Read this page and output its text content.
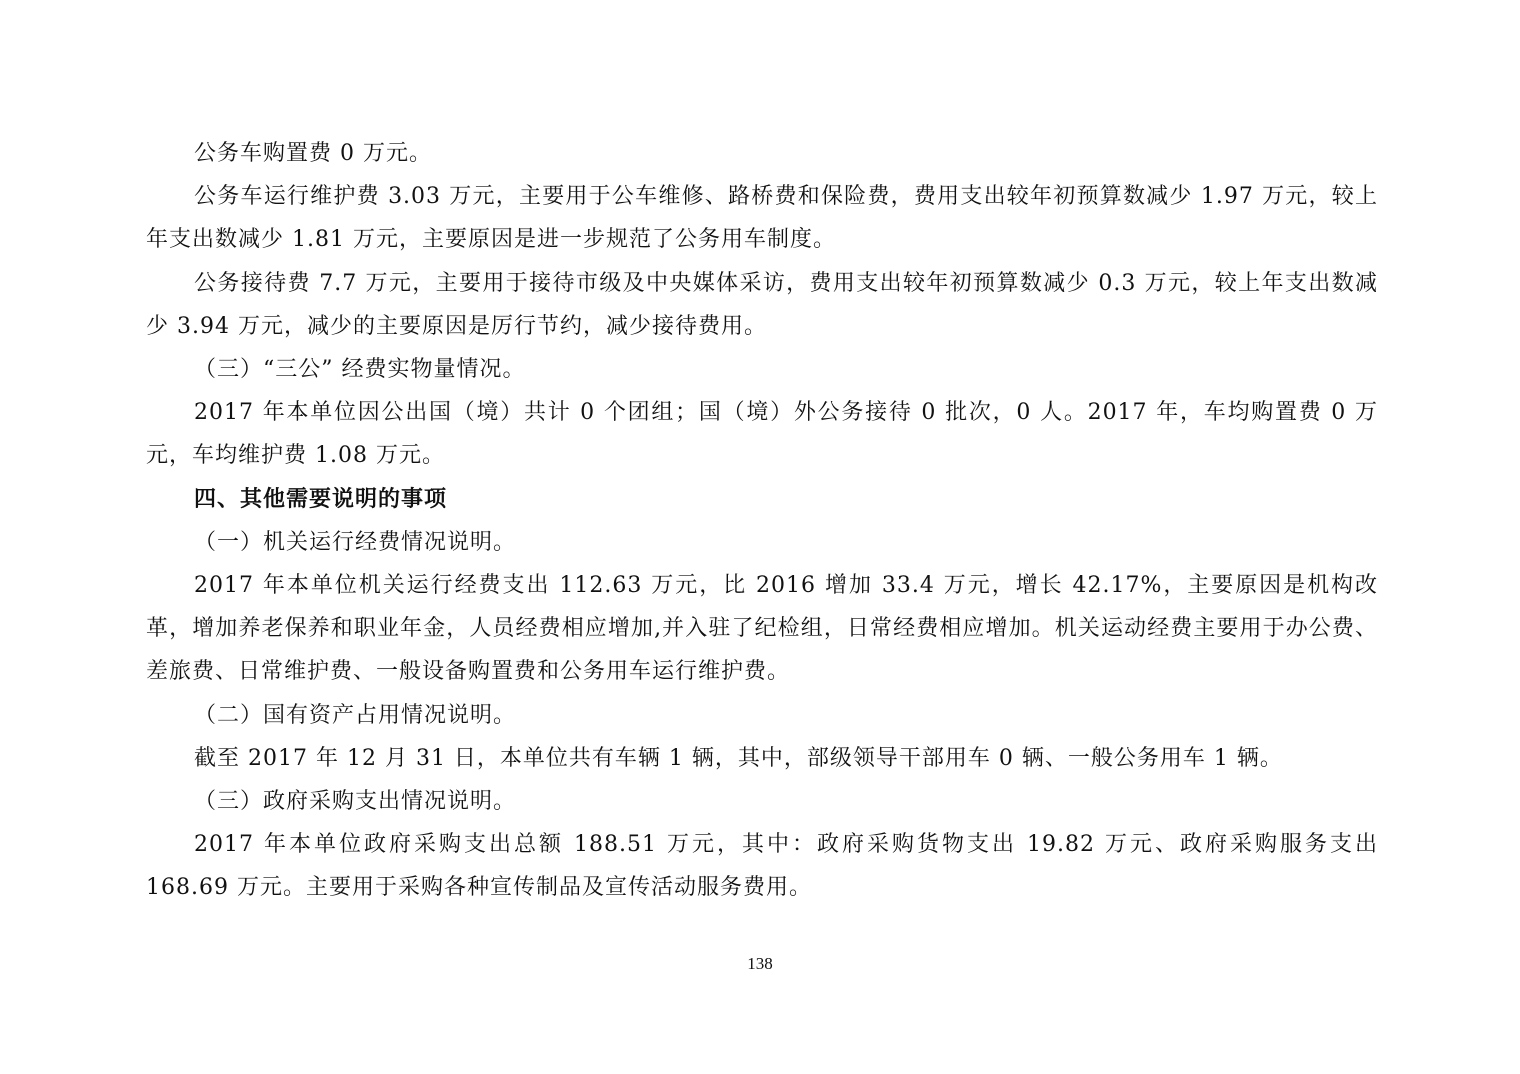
公务车购置费 0 万元。

公务车运行维护费 3.03 万元，主要用于公车维修、路桥费和保险费，费用支出较年初预算数减少 1.97 万元，较上年支出数减少 1.81 万元，主要原因是进一步规范了公务用车制度。

公务接待费 7.7 万元，主要用于接待市级及中央媒体采访，费用支出较年初预算数减少 0.3 万元，较上年支出数减少 3.94 万元，减少的主要原因是厉行节约，减少接待费用。

（三）“三公” 经费实物量情况。

2017 年本单位因公出国（境）共计 0 个团组；国（境）外公务接待 0 批次，0 人。2017 年，车均购置费 0 万元，车均维护费 1.08 万元。

四、其他需要说明的事项

（一）机关运行经费情况说明。

2017 年本单位机关运行经费支出 112.63 万元，比 2016 增加 33.4 万元，增长 42.17%，主要原因是机构改革，增加养老保养和职业年金，人员经费相应增加,并入驻了纪检组，日常经费相应增加。机关运动经费主要用于办公费、差旅费、日常维护费、一般设备购置费和公务用车运行维护费。

（二）国有资产占用情况说明。

截至 2017 年 12 月 31 日，本单位共有车辆 1 辆，其中，部级领导干部用车 0 辆、一般公务用车 1 辆。

（三）政府采购支出情况说明。

2017 年本单位政府采购支出总额 188.51 万元，其中：政府采购货物支出 19.82 万元、政府采购服务支出 168.69 万元。主要用于采购各种宣传制品及宣传活动服务费用。

138
